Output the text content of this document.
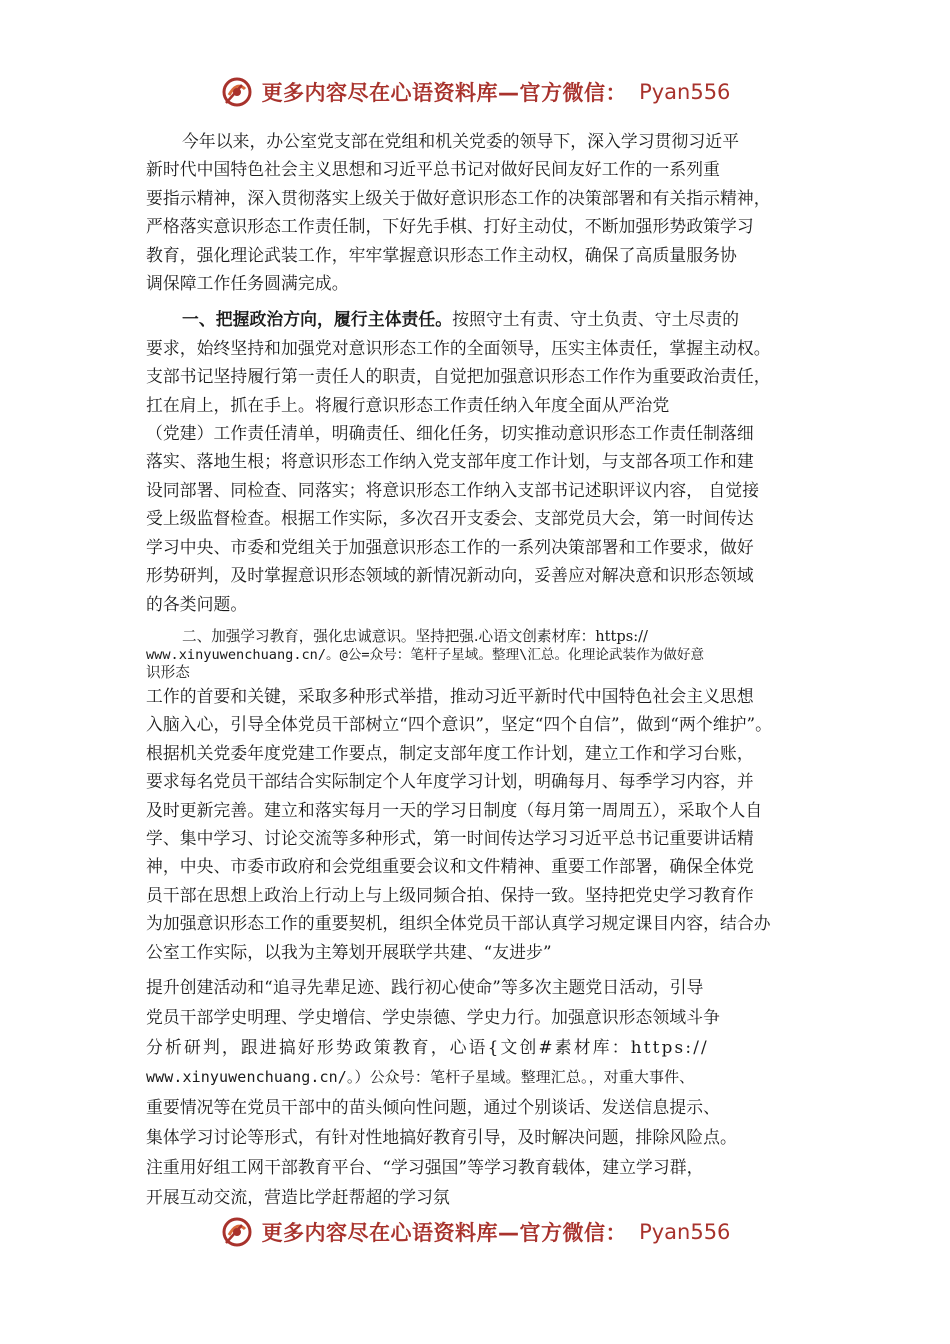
更多内容尽在心语资料库—官方微信： Pyan556
今年以来，办公室党支部在党组和机关党委的领导下，深入学习贯彻习近平
新时代中国特色社会主义思想和习近平总书记对做好民间友好工作的一系列重
要指示精神，深入贯彻落实上级关于做好意识形态工作的决策部署和有关指示精神，
严格落实意识形态工作责任制，下好先手棋、打好主动仗，不断加强形势政策学习
教育，强化理论武装工作，牢牢掌握意识形态工作主动权，确保了高质量服务协
调保障工作任务圆满完成。
一、把握政治方向，履行主体责任。按照守土有责、守土负责、守土尽责的
要求，始终坚持和加强党对意识形态工作的全面领导，压实主体责任，掌握主动权。
支部书记坚持履行第一责任人的职责，自觉把加强意识形态工作作为重要政治责任，
扛在肩上，抓在手上。将履行意识形态工作责任纳入年度全面从严治党
（党建）工作责任清单，明确责任、细化任务，切实推动意识形态工作责任制落细
落实、落地生根；将意识形态工作纳入党支部年度工作计划，与支部各项工作和建
设同部署、同检查、同落实；将意识形态工作纳入支部书记述职评议内容， 自觉接
受上级监督检查。根据工作实际，多次召开支委会、支部党员大会，第一时间传达
学习中央、市委和党组关于加强意识形态工作的一系列决策部署和工作要求，做好
形势研判，及时掌握意识形态领域的新情况新动向，妥善应对解决意和识形态领域
的各类问题。
二、加强学习教育，强化忠诚意识。坚持把强.心语文创素材库：https://
www.xinyuwenchuang.cn/。@公=众号：笔杆子星域。整理\汇总。化理论武装作为做好意
识形态
工作的首要和关键，采取多种形式举措，推动习近平新时代中国特色社会主义思想
入脑入心，引导全体党员干部树立“四个意识”，坚定“四个自信”，做到“两个维护”。
根据机关党委年度党建工作要点，制定支部年度工作计划，建立工作和学习台账，
要求每名党员干部结合实际制定个人年度学习计划，明确每月、每季学习内容，并
及时更新完善。建立和落实每月一天的学习日制度（每月第一周周五），采取个人自
学、集中学习、讨论交流等多种形式，第一时间传达学习习近平总书记重要讲话精
神，中央、市委市政府和会党组重要会议和文件精神、重要工作部署，确保全体党
员干部在思想上政治上行动上与上级同频合拍、保持一致。坚持把党史学习教育作
为加强意识形态工作的重要契机，组织全体党员干部认真学习规定课目内容，结合办
公室工作实际，以我为主筹划开展联学共建、“友进步”
提升创建活动和“追寻先辈足迹、践行初心使命”等多次主题党日活动，引导
党员干部学史明理、学史增信、学史崇德、学史力行。加强意识形态领域斗争
分析研判，跟进搞好形势政策教育，心语{文创#素材库：https://
www.xinyuwenchuang.cn/。）公众号：笔杆子星域。整理汇总。，对重大事件、
重要情况等在党员干部中的苗头倾向性问题，通过个别谈话、发送信息提示、
集体学习讨论等形式，有针对性地搞好教育引导，及时解决问题，排除风险点。
注重用好组工网干部教育平台、“学习强国”等学习教育载体，建立学习群，
开展互动交流，营造比学赶帮超的学习氛
更多内容尽在心语资料库—官方微信： Pyan556
